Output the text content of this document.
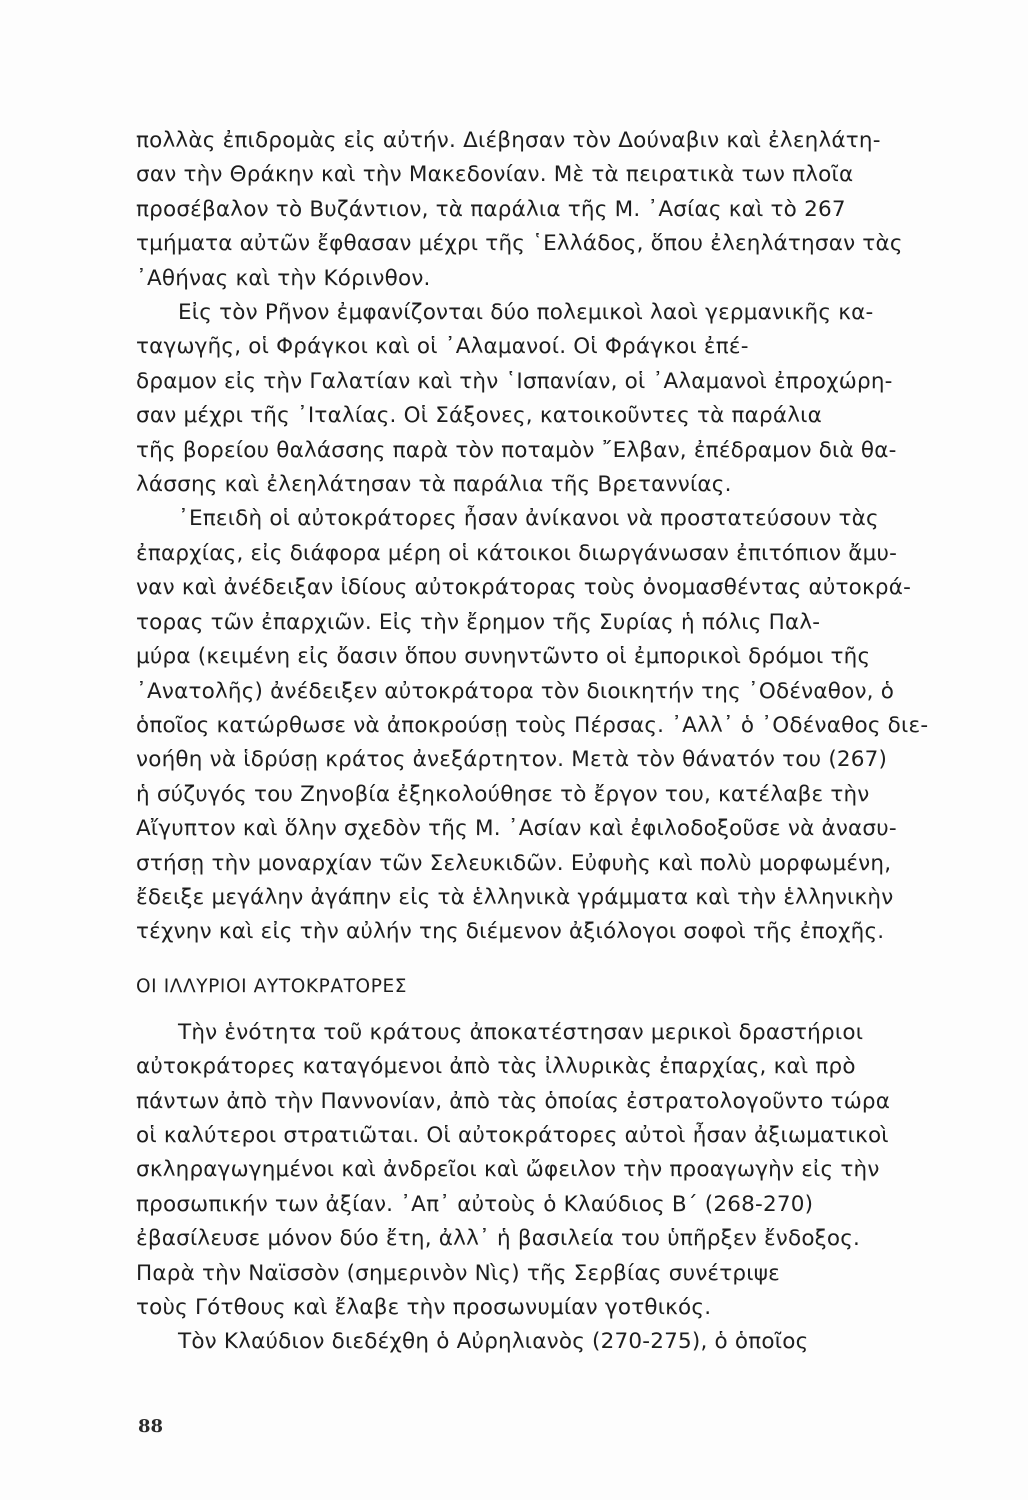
πολλὰς ἐπιδρομὰς εἰς αὐτήν. Διέβησαν τὸν Δούναβιν καὶ ἐλεηλάτη-
σαν τὴν Θράκην καὶ τὴν Μακεδονίαν. Μὲ τὰ πειρατικὰ των πλοῖα
προσέβαλον τὸ Βυζάντιον, τὰ παράλια τῆς Μ. ᾿Ασίας καὶ τὸ 267
τμήματα αὐτῶν ἔφθασαν μέχρι τῆς ῾Ελλάδος, ὅπου ἐλεηλάτησαν τὰς
᾿Αθήνας καὶ τὴν Κόρινθον.

Εἰς τὸν Ρῆνον ἐμφανίζονται δύο πολεμικοὶ λαοὶ γερμανικῆς κα-
ταγωγῆς, οἱ Φράγκοι καὶ οἱ ᾿Αλαμανοί. Οἱ Φράγκοι ἐπέ-
δραμον εἰς τὴν Γαλατίαν καὶ τὴν ῾Ισπανίαν, οἱ ᾿Αλαμανοὶ ἐπροχώρη-
σαν μέχρι τῆς ᾿Ιταλίας. Οἱ Σάξονες, κατοικοῦντες τὰ παράλια
τῆς βορείου θαλάσσης παρὰ τὸν ποταμὸν ῎Ελβαν, ἐπέδραμον διὰ θα-
λάσσης καὶ ἐλεηλάτησαν τὰ παράλια τῆς Βρεταννίας.

᾿Επειδὴ οἱ αὐτοκράτορες ἦσαν ἀνίκανοι νὰ προστατεύσουν τὰς
ἐπαρχίας, εἰς διάφορα μέρη οἱ κάτοικοι διωργάνωσαν ἐπιτόπιον ἄμυ-
ναν καὶ ἀνέδειξαν ἰδίους αὐτοκράτορας τοὺς ὀνομασθέντας αὐτοκρά-
τορας τῶν ἐπαρχιῶν. Εἰς τὴν ἔρημον τῆς Συρίας ἡ πόλις Παλ-
μύρα (κειμένη εἰς ὄασιν ὅπου συνηντῶντο οἱ ἐμπορικοὶ δρόμοι τῆς
᾿Ανατολῆς) ἀνέδειξεν αὐτοκράτορα τὸν διοικητήν της ᾿Οδέναθον, ὁ
ὁποῖος κατώρθωσε νὰ ἀποκρούσῃ τοὺς Πέρσας. ᾿Αλλ᾿ ὁ ᾿Οδέναθος διε-
νοήθη νὰ ἱδρύσῃ κράτος ἀνεξάρτητον. Μετὰ τὸν θάνατόν του (267)
ἡ σύζυγός του Ζηνοβία ἐξηκολούθησε τὸ ἔργον του, κατέλαβε τὴν
Αἴγυπτον καὶ ὅλην σχεδὸν τῆς Μ. ᾿Ασίαν καὶ ἐφιλοδοξοῦσε νὰ ἀνασυ-
στήσῃ τὴν μοναρχίαν τῶν Σελευκιδῶν. Εὐφυὴς καὶ πολὺ μορφωμένη,
ἔδειξε μεγάλην ἀγάπην εἰς τὰ ἑλληνικὰ γράμματα καὶ τὴν ἑλληνικὴν
τέχνην καὶ εἰς τὴν αὐλήν της διέμενον ἀξιόλογοι σοφοὶ τῆς ἐποχῆς.

ΟΙ ΙΛΛΥΡΙΟΙ ΑΥΤΟΚΡΑΤΟΡΕΣ

Τὴν ἑνότητα τοῦ κράτους ἀποκατέστησαν μερικοὶ δραστήριοι
αὐτοκράτορες καταγόμενοι ἀπὸ τὰς ἰλλυρικὰς ἐπαρχίας, καὶ πρὸ
πάντων ἀπὸ τὴν Παννονίαν, ἀπὸ τὰς ὁποίας ἐστρατολογοῦντο τώρα
οἱ καλύτεροι στρατιῶται. Οἱ αὐτοκράτορες αὐτοὶ ἦσαν ἀξιωματικοὶ
σκληραγωγημένοι καὶ ἀνδρεῖοι καὶ ὤφειλον τὴν προαγωγὴν εἰς τὴν
προσωπικήν των ἀξίαν. ᾿Απ᾿ αὐτοὺς ὁ Κλαύδιος Β΄ (268-270)
ἐβασίλευσε μόνον δύο ἔτη, ἀλλ᾿ ἡ βασιλεία του ὑπῆρξεν ἔνδοξος.
Παρὰ τὴν Ναϊσσὸν (σημερινὸν Νὶς) τῆς Σερβίας συνέτριψε
τοὺς Γότθους καὶ ἔλαβε τὴν προσωνυμίαν γοτθικός.

Τὸν Κλαύδιον διεδέχθη ὁ Αὐρηλιανὸς (270-275), ὁ ὁποῖος

88
